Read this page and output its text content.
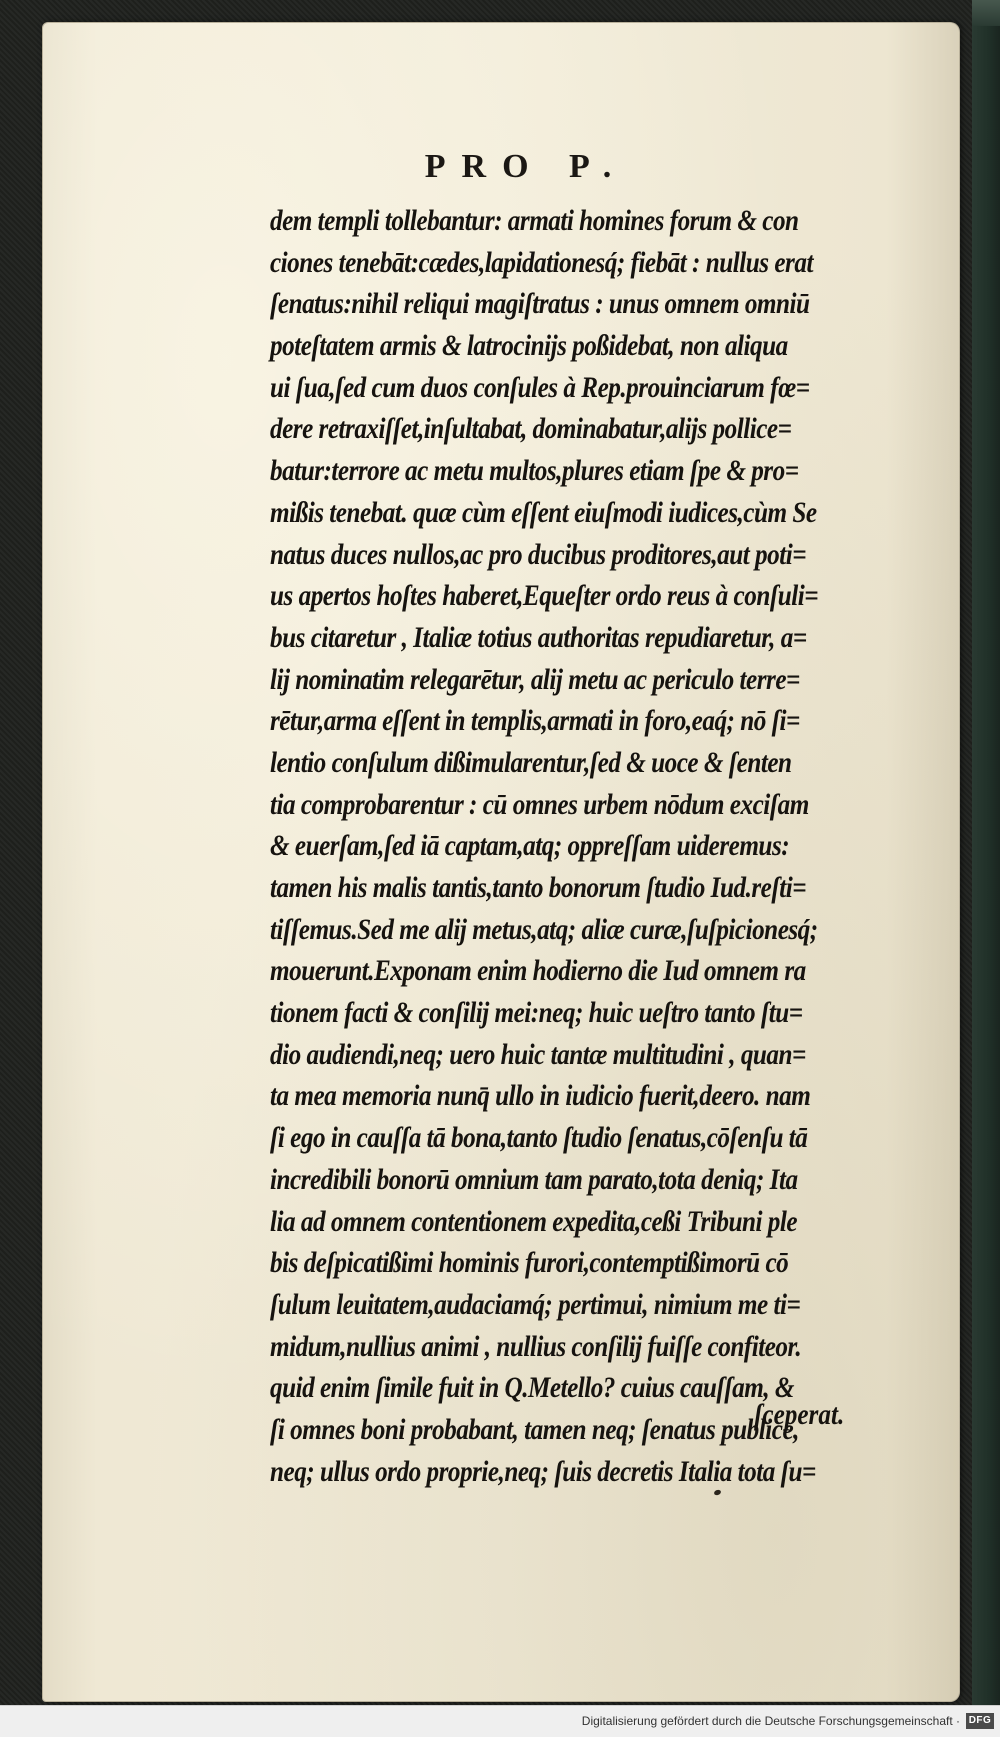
PRO P.
dem templi tollebantur: armati homines forum & con
ciones tenebāt:cædes,lapidationesq́; fiebāt : nullus erat
ſenatus:nihil reliqui magiſtratus : unus omnem omniū
poteſtatem armis & latrocinijs poßidebat, non aliqua
ui ſua,ſed cum duos conſules à Rep.prouinciarum fœ=
dere retraxiſſet,inſultabat, dominabatur,alijs pollice=
batur:terrore ac metu multos,plures etiam ſpe & pro=
mißis tenebat. quæ cùm eſſent eiuſmodi iudices,cùm Se
natus duces nullos,ac pro ducibus proditores,aut poti=
us apertos hoſtes haberet,Equeſter ordo reus à conſuli=
bus citaretur , Italiæ totius authoritas repudiaretur, a=
lij nominatim relegarētur, alij metu ac periculo terre=
rētur,arma eſſent in templis,armati in foro,eaq́; nō ſi=
lentio conſulum dißimularentur,ſed & uoce & ſenten
tia comprobarentur : cū omnes urbem nōdum exciſam
& euerſam,ſed iā captam,atq; oppreſſam uideremus:
tamen his malis tantis,tanto bonorum ſtudio Iud.reſti=
tiſſemus.Sed me alij metus,atq; aliæ curæ,ſuſpicionesq́;
mouerunt.Exponam enim hodierno die Iud omnem ra
tionem facti & conſilij mei:neq; huic ueſtro tanto ſtu=
dio audiendi,neq; uero huic tantæ multitudini , quan=
ta mea memoria nunq̄ ullo in iudicio fuerit,deero. nam
ſi ego in cauſſa tā bona,tanto ſtudio ſenatus,cōſenſu tā
incredibili bonorū omnium tam parato,tota deniq; Ita
lia ad omnem contentionem expedita,ceßi Tribuni ple
bis deſpicatißimi hominis furori,contemptißimorū cō
ſulum leuitatem,audaciamq́; pertimui, nimium me ti=
midum,nullius animi , nullius conſilij fuiſſe confiteor.
quid enim ſimile fuit in Q.Metello? cuius cauſſam, &
ſi omnes boni probabant, tamen neq; ſenatus publice,
neq; ullus ordo proprie,neq; ſuis decretis Italia tota ſu=
ſceperat.
Digitalisierung gefördert durch die Deutsche Forschungsgemeinschaft · DFG
